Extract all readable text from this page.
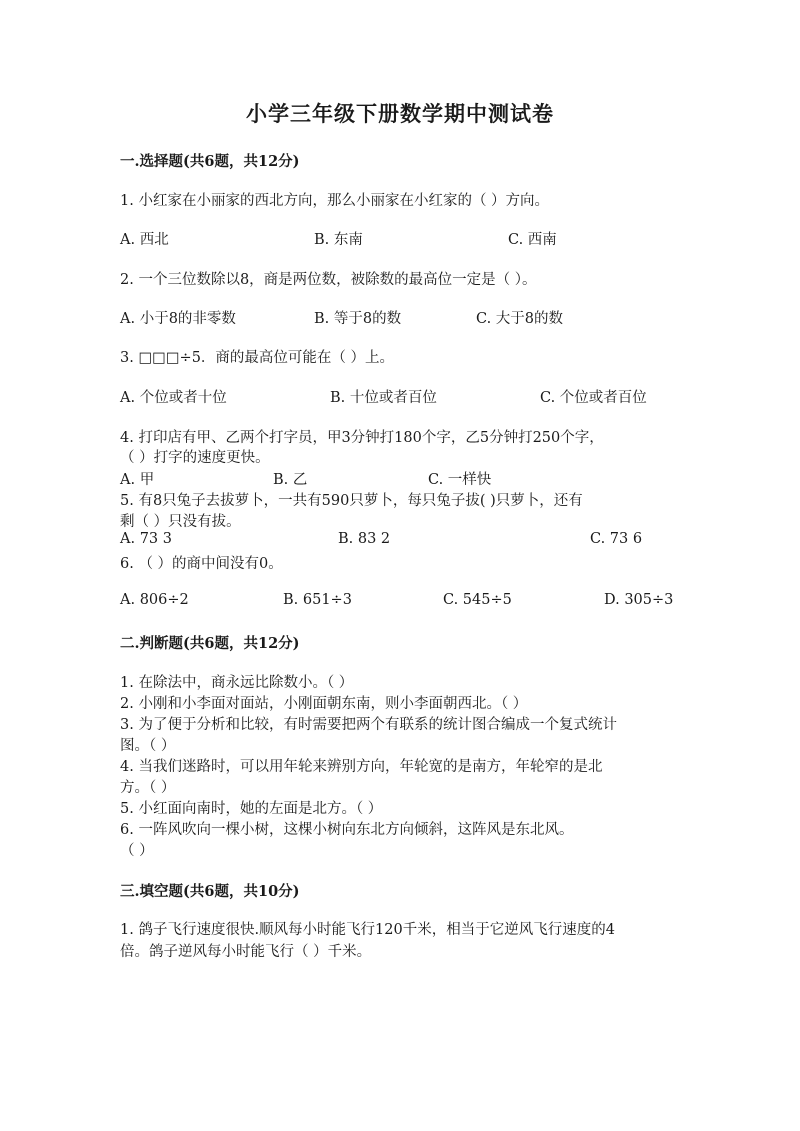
小学三年级下册数学期中测试卷
一.选择题(共6题，共12分)
1. 小红家在小丽家的西北方向，那么小丽家在小红家的（ ）方向。
A. 西北	B. 东南	C. 西南
2. 一个三位数除以8，商是两位数，被除数的最高位一定是（ ）。
A. 小于8的非零数	B. 等于8的数	C. 大于8的数
3. □□□÷5．商的最高位可能在（ ）上。
A. 个位或者十位	B. 十位或者百位	C. 个位或者百位
4. 打印店有甲、乙两个打字员，甲3分钟打180个字，乙5分钟打250个字，
（ ）打字的速度更快。
A. 甲	B. 乙	C. 一样快
5. 有8只兔子去拔萝卜，一共有590只萝卜，每只兔子拔( )只萝卜，还有
剩（ ）只没有拔。
A. 73 3	B. 83 2	C. 73 6
6. （ ）的商中间没有0。
A. 806÷2	B. 651÷3	C. 545÷5	D. 305÷3
二.判断题(共6题，共12分)
1. 在除法中，商永远比除数小。（ ）
2. 小刚和小李面对面站，小刚面朝东南，则小李面朝西北。（ ）
3. 为了便于分析和比较，有时需要把两个有联系的统计图合编成一个复式统计
图。（ ）
4. 当我们迷路时，可以用年轮来辨别方向，年轮宽的是南方，年轮窄的是北
方。（ ）
5. 小红面向南时，她的左面是北方。（ ）
6. 一阵风吹向一棵小树，这棵小树向东北方向倾斜，这阵风是东北风。
（ ）
三.填空题(共6题，共10分)
1. 鸽子飞行速度很快.顺风每小时能飞行120千米，相当于它逆风飞行速度的4
倍。鸽子逆风每小时能飞行（ ）千米。
